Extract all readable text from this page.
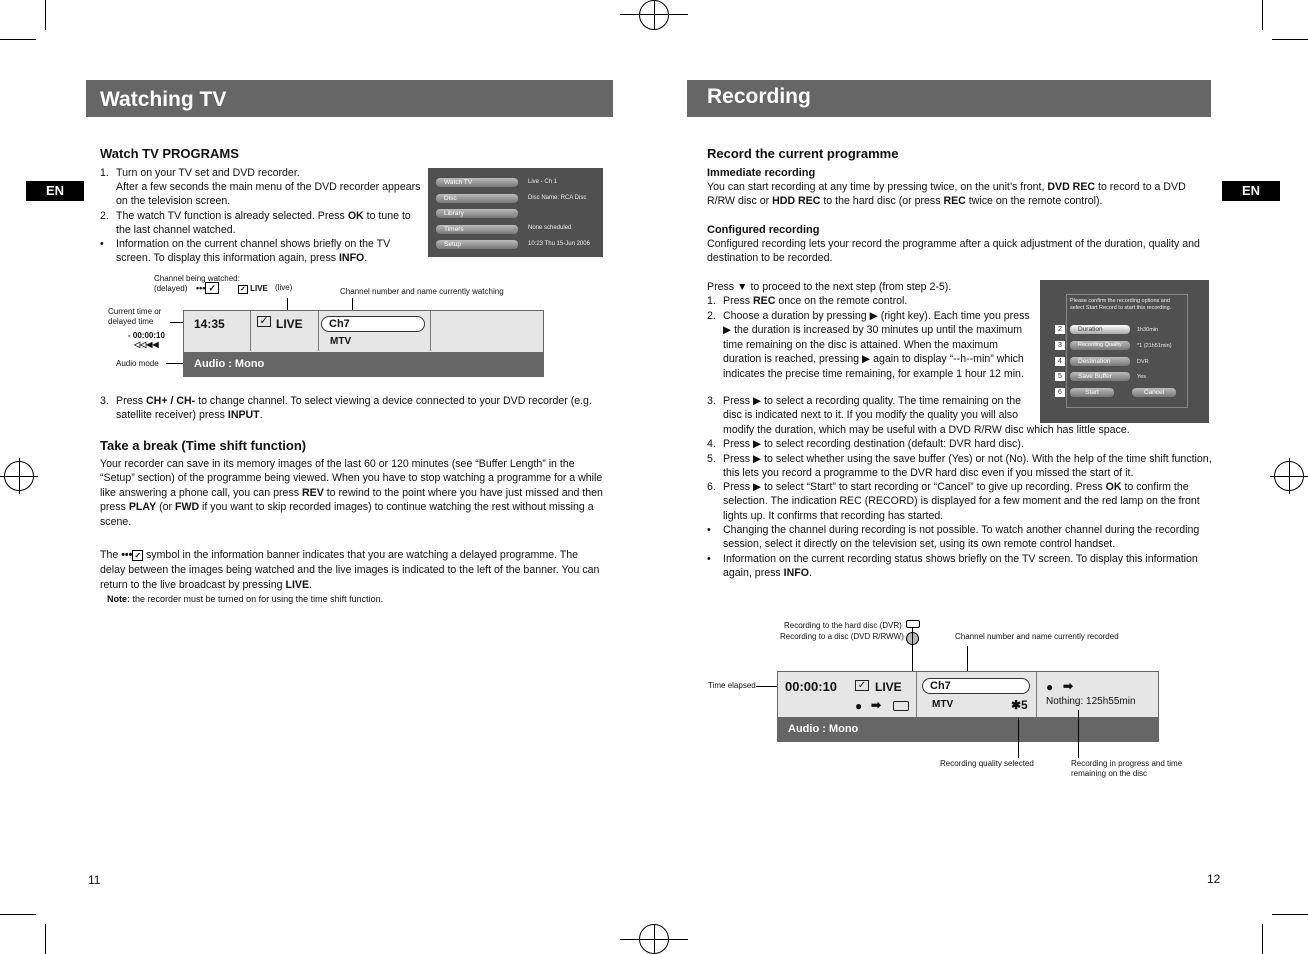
Watching TV
EN
Watch TV PROGRAMS
1. Turn on your TV set and DVD recorder.
After a few seconds the main menu of the DVD recorder appears on the television screen.
2. The watch TV function is already selected. Press OK to tune to the last channel watched.
• Information on the current channel shows briefly on the TV screen. To display this information again, press INFO.
Watch TV
Disc
Library
Timers
Setup
Live - Ch 1
Disc Name: RCA Disc
None scheduled
10:23 Thu 15-Jun 2006
Channel being watched:
(delayed) ••• ✓	✓ LIVE (live)	Channel number and name currently watching
Current time or delayed time
- 00:00:10
◁◁◀◀
Audio mode
14:35	✓ LIVE	Ch7
MTV
Audio : Mono
3. Press CH+ / CH- to change channel. To select viewing a device connected to your DVD recorder (e.g. satellite receiver) press INPUT.
Take a break (Time shift function)
Your recorder can save in its memory images of the last 60 or 120 minutes (see “Buffer Length” in the “Setup” section) of the programme being viewed. When you have to stop watching a programme for a while like answering a phone call, you can press REV to rewind to the point where you have just missed and then press PLAY (or FWD if you want to skip recorded images) to continue watching the rest without missing a scene.
The ••• ✓ symbol in the information banner indicates that you are watching a delayed programme. The delay between the images being watched and the live images is indicated to the left of the banner. You can return to the live broadcast by pressing LIVE.
Note: the recorder must be turned on for using the time shift function.
11
Recording
EN
Record the current programme
Immediate recording
You can start recording at any time by pressing twice, on the unit’s front, DVD REC to record to a DVD R/RW disc or HDD REC to the hard disc (or press REC twice on the remote control).
Configured recording
Configured recording lets your record the programme after a quick adjustment of the duration, quality and destination to be recorded.
Press ▼ to proceed to the next step (from step 2-5).
1. Press REC once on the remote control.
2. Choose a duration by pressing ▶ (right key). Each time you press ▶ the duration is increased by 30 minutes up until the maximum time remaining on the disc is attained. When the maximum duration is reached, pressing ▶ again to display “--h--min” which indicates the precise time remaining, for example 1 hour 12 min.
3. Press ▶ to select a recording quality. The time remaining on the disc is indicated next to it. If you modify the quality you will also
modify the duration, which may be useful with a DVD R/RW disc which has little space.
4. Press ▶ to select recording destination (default: DVR hard disc).
5. Press ▶ to select whether using the save buffer (Yes) or not (No). With the help of the time shift function, this lets you record a programme to the DVR hard disc even if you missed the start of it.
6. Press ▶ to select “Start” to start recording or “Cancel” to give up recording. Press OK to confirm the selection. The indication REC (RECORD) is displayed for a few moment and the red lamp on the front lights up. It confirms that recording has started.
• Changing the channel during recording is not possible. To watch another channel during the recording session, select it directly on the television set, using its own remote control handset.
• Information on the current recording status shows briefly on the TV screen. To display this information again, press INFO.
Please confirm the recording options and select Start Record to start this recording.
2	Duration	1h30min
3	Recording Quality	*1 (21h51min)
4	Destination	DVR
5	Save Buffer	Yes
6	Start	Cancel
Recording to the hard disc (DVR)
Recording to a disc (DVD R/RWW)	Channel number and name currently recorded
Time elapsed 00:00:10 ✓ LIVE
● ➡
Ch7
MTV	✱5
● ➡
Nothing: 125h55min
Audio : Mono
Recording quality selected	Recording in progress and time remaining on the disc
12
